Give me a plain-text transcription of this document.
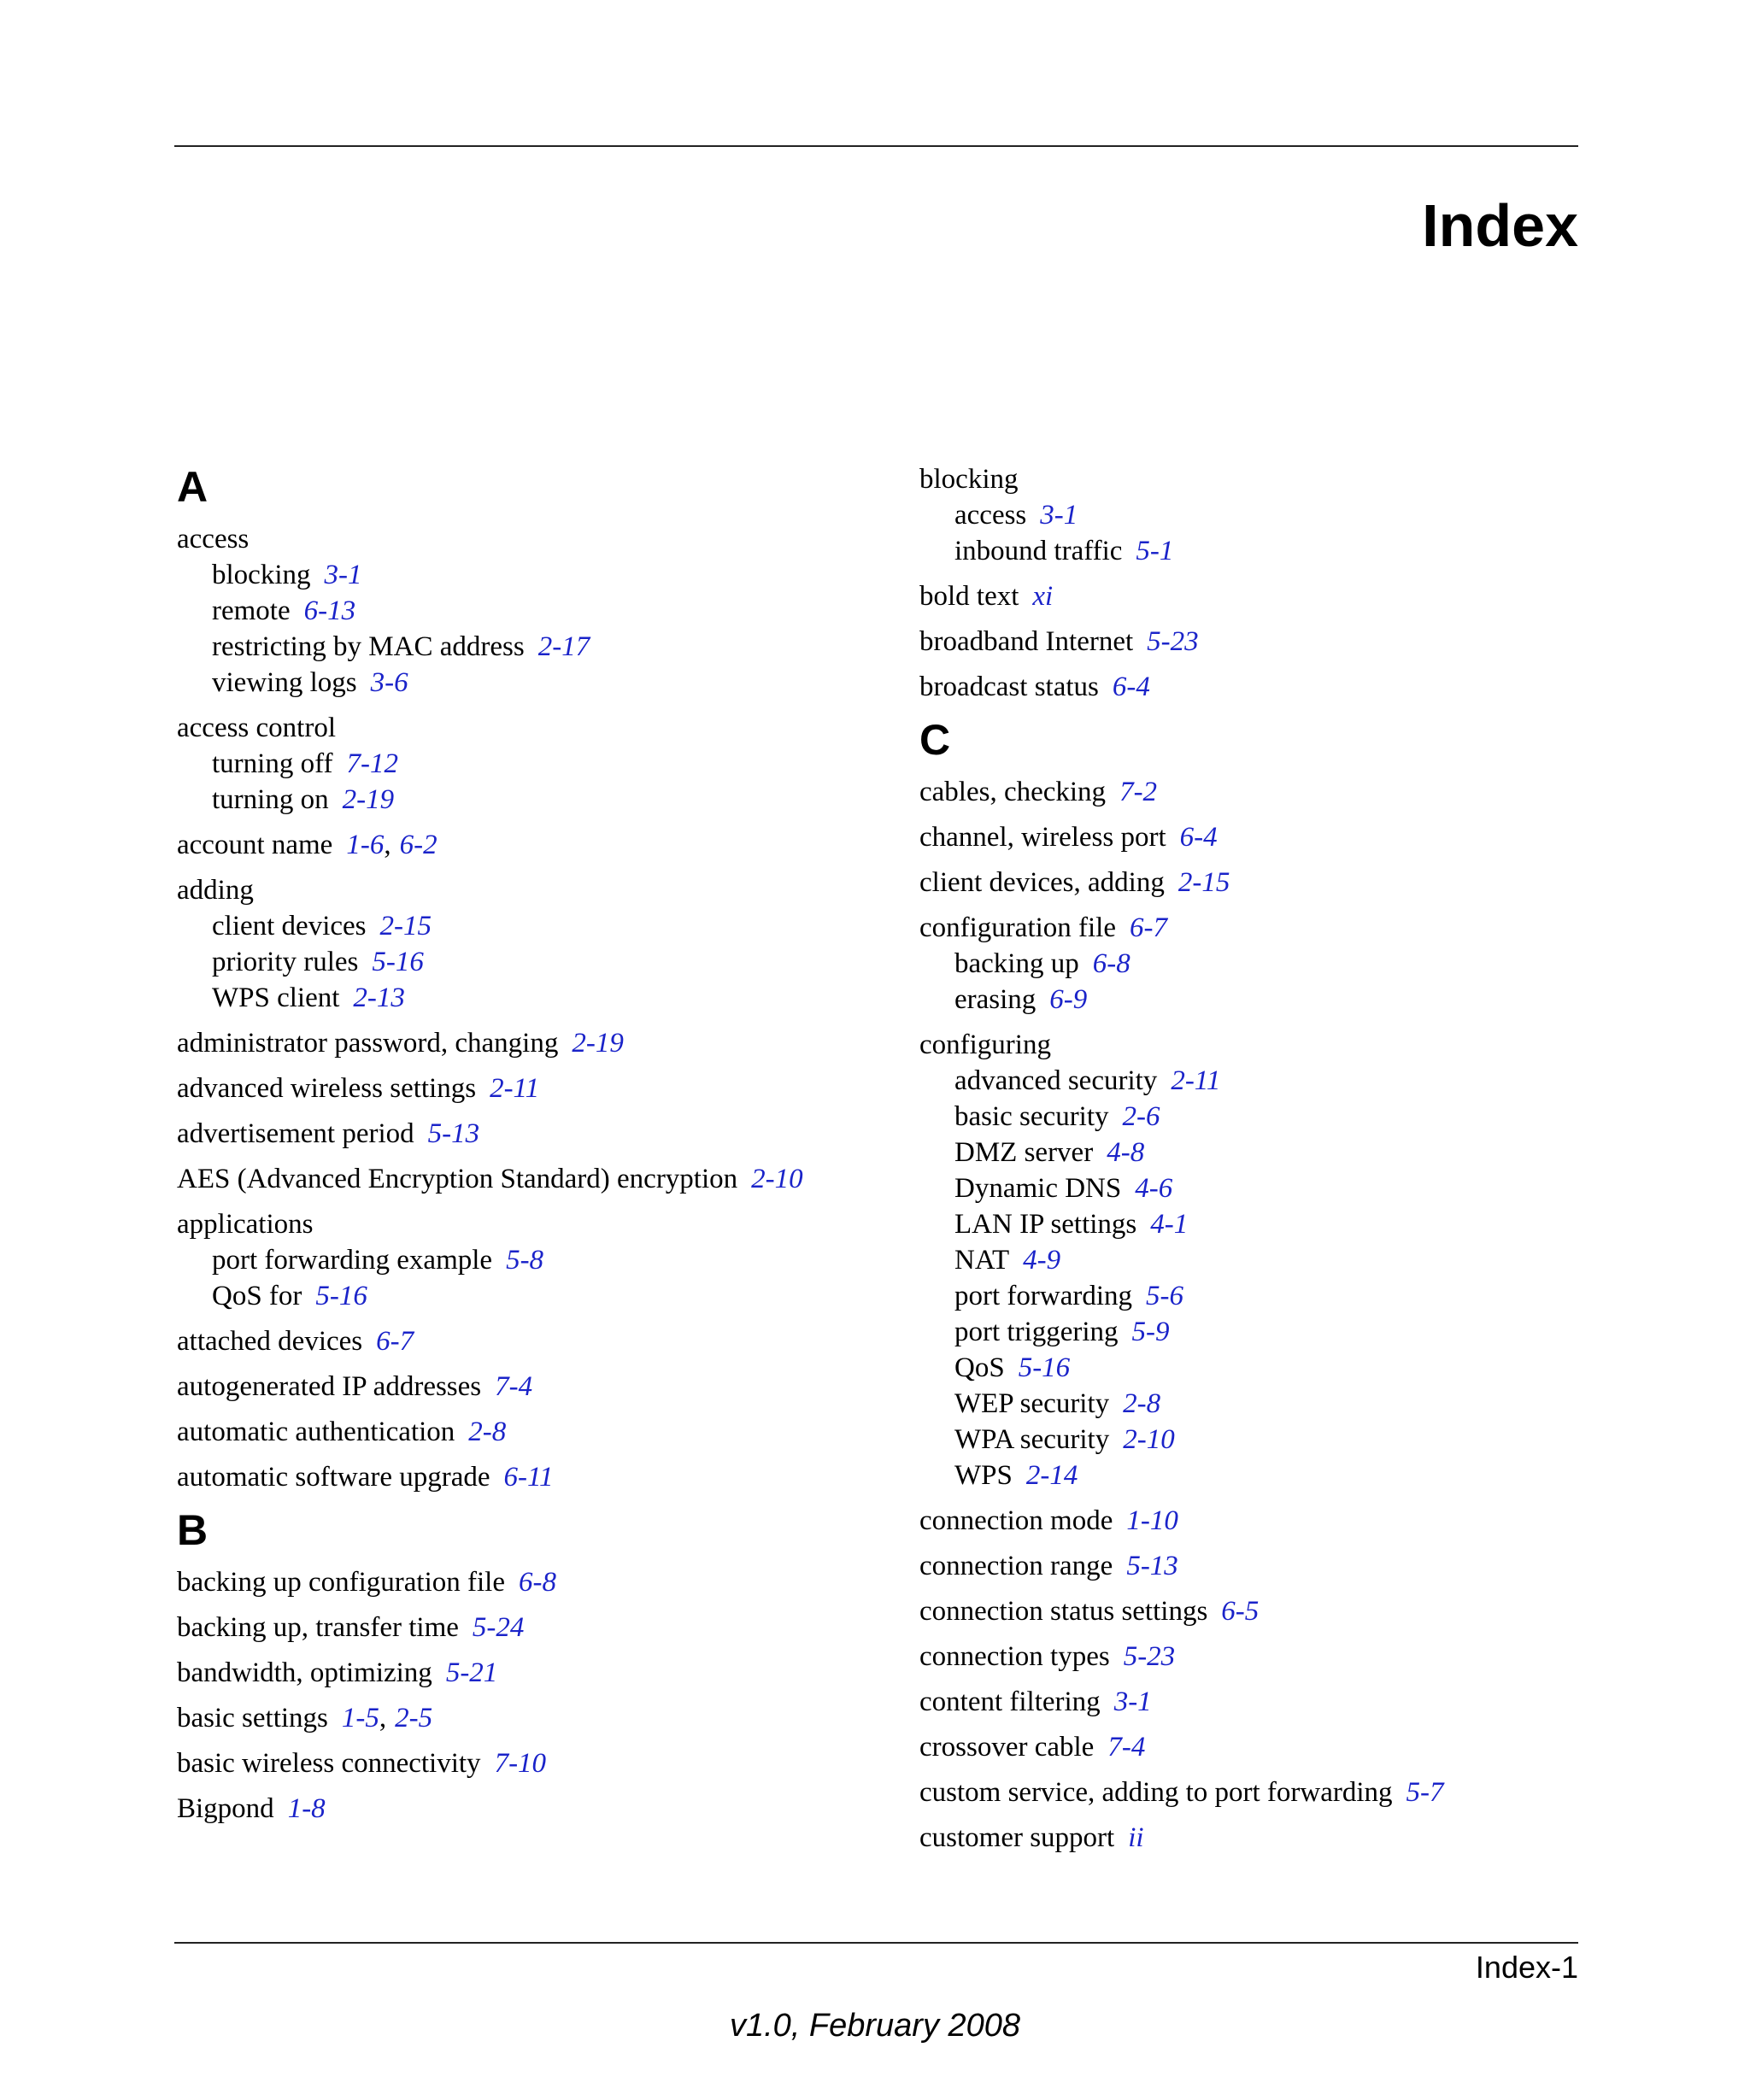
Index
A
access
blocking 3-1
remote 6-13
restricting by MAC address 2-17
viewing logs 3-6
access control
turning off 7-12
turning on 2-19
account name 1-6, 6-2
adding
client devices 2-15
priority rules 5-16
WPS client 2-13
administrator password, changing 2-19
advanced wireless settings 2-11
advertisement period 5-13
AES (Advanced Encryption Standard) encryption 2-10
applications
port forwarding example 5-8
QoS for 5-16
attached devices 6-7
autogenerated IP addresses 7-4
automatic authentication 2-8
automatic software upgrade 6-11
B
backing up configuration file 6-8
backing up, transfer time 5-24
bandwidth, optimizing 5-21
basic settings 1-5, 2-5
basic wireless connectivity 7-10
Bigpond 1-8
blocking
access 3-1
inbound traffic 5-1
bold text xi
broadband Internet 5-23
broadcast status 6-4
C
cables, checking 7-2
channel, wireless port 6-4
client devices, adding 2-15
configuration file 6-7
backing up 6-8
erasing 6-9
configuring
advanced security 2-11
basic security 2-6
DMZ server 4-8
Dynamic DNS 4-6
LAN IP settings 4-1
NAT 4-9
port forwarding 5-6
port triggering 5-9
QoS 5-16
WEP security 2-8
WPA security 2-10
WPS 2-14
connection mode 1-10
connection range 5-13
connection status settings 6-5
connection types 5-23
content filtering 3-1
crossover cable 7-4
custom service, adding to port forwarding 5-7
customer support ii
Index-1
v1.0, February 2008
